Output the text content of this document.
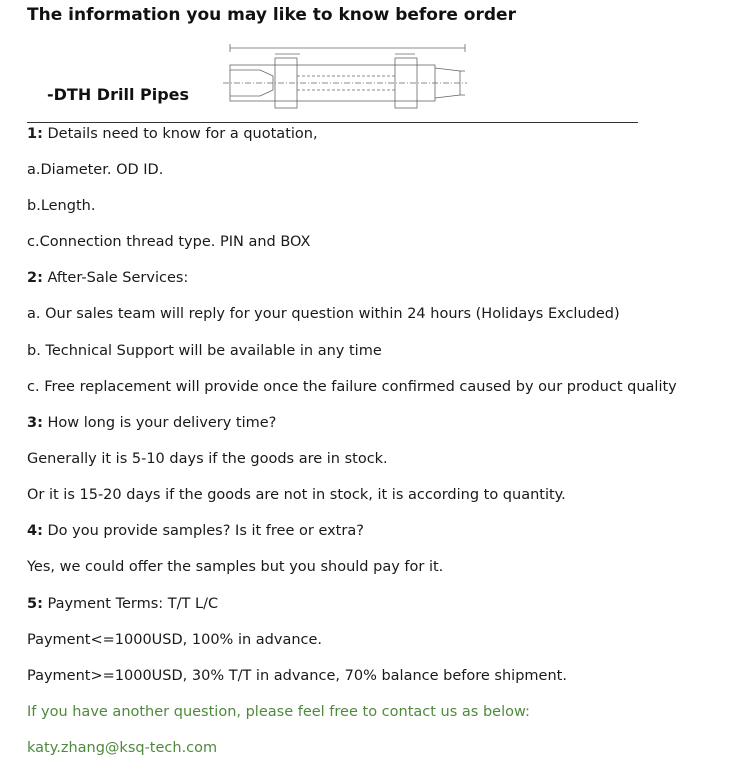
The information you may like to know before order
-DTH Drill Pipes
1: Details need to know for a quotation,
a.Diameter. OD ID.
b.Length.
c.Connection thread type. PIN and BOX
2: After-Sale Services:
a. Our sales team will reply for your question within 24 hours (Holidays Excluded)
b. Technical Support will be available in any time
c. Free replacement will provide once the failure confirmed caused by our product quality
3: How long is your delivery time?
Generally it is 5-10 days if the goods are in stock.
Or it is 15-20 days if the goods are not in stock, it is according to quantity.
4: Do you provide samples? Is it free or extra?
Yes, we could offer the samples but you should pay for it.
5: Payment Terms: T/T L/C
Payment<=1000USD, 100% in advance.
Payment>=1000USD, 30% T/T in advance, 70% balance before shipment.
If you have another question, please feel free to contact us as below:
katy.zhang@ksq-tech.com
